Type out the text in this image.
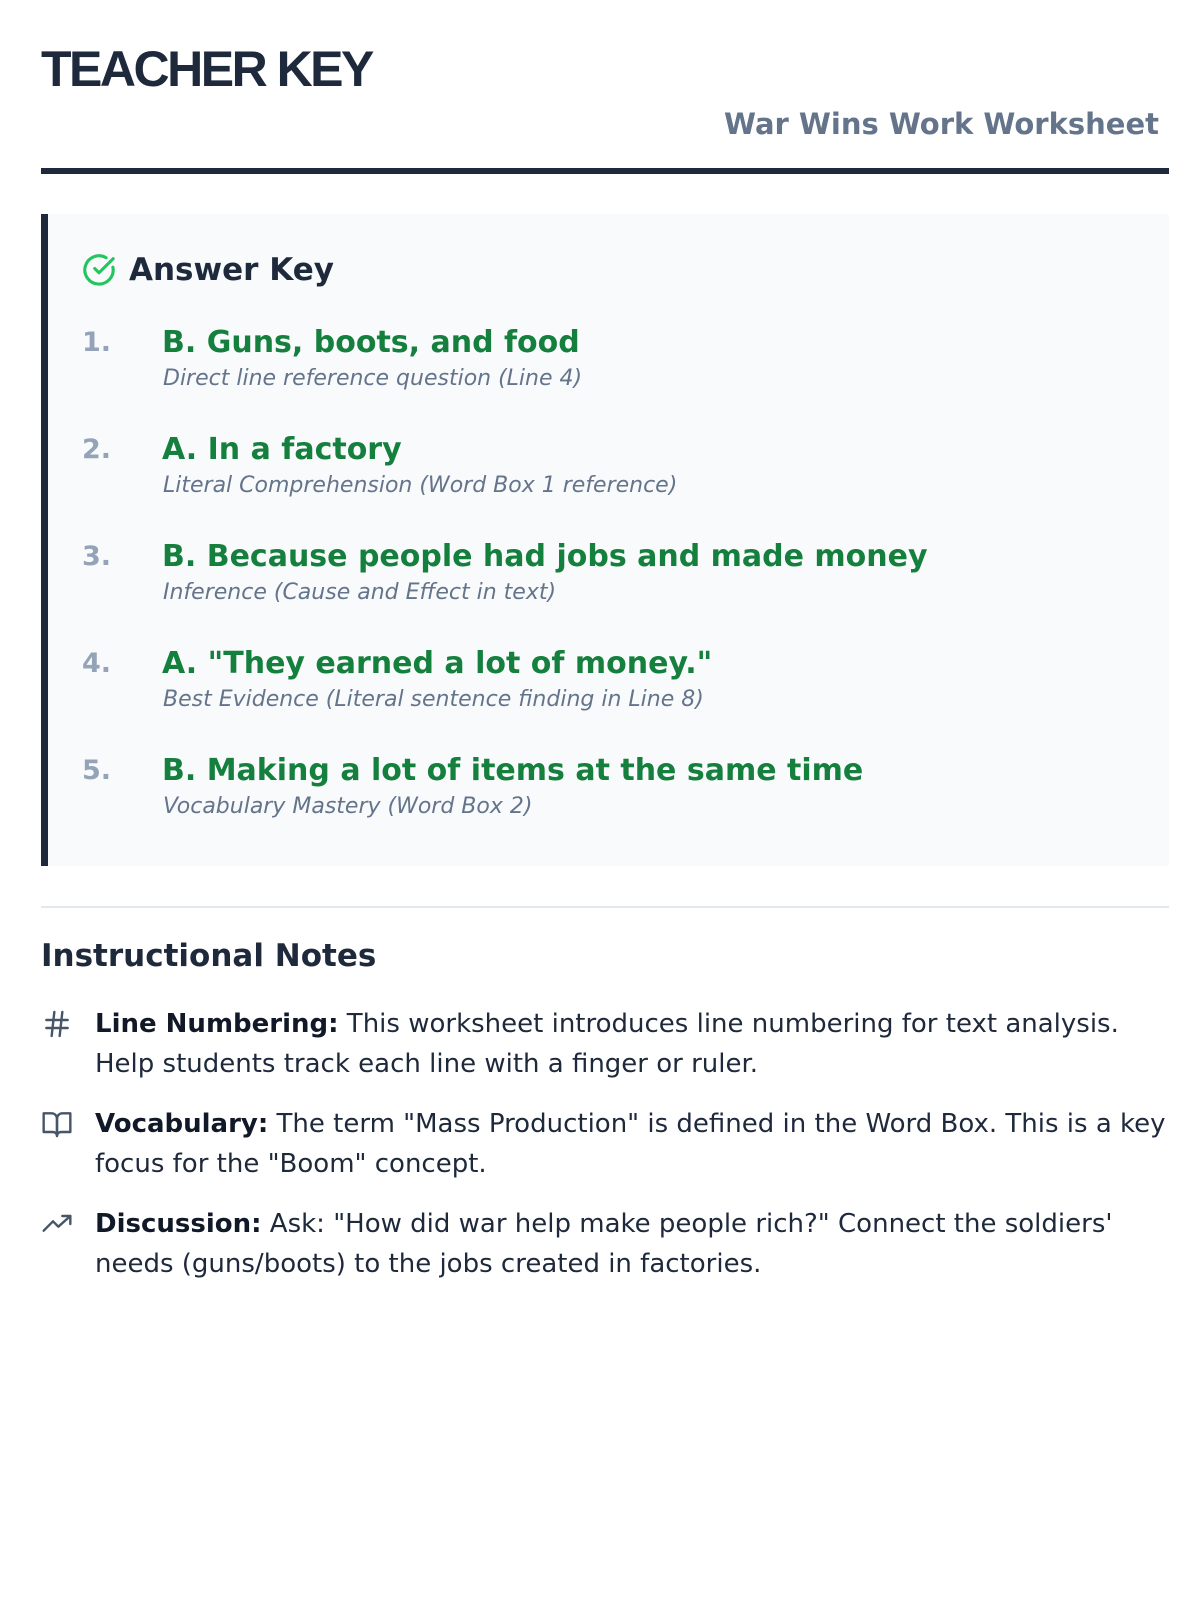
TEACHER KEY
War Wins Work Worksheet
Answer Key
1. B. Guns, boots, and food
Direct line reference question (Line 4)
2. A. In a factory
Literal Comprehension (Word Box 1 reference)
3. B. Because people had jobs and made money
Inference (Cause and Effect in text)
4. A. "They earned a lot of money."
Best Evidence (Literal sentence finding in Line 8)
5. B. Making a lot of items at the same time
Vocabulary Mastery (Word Box 2)
Instructional Notes
Line Numbering: This worksheet introduces line numbering for text analysis. Help students track each line with a finger or ruler.
Vocabulary: The term "Mass Production" is defined in the Word Box. This is a key focus for the "Boom" concept.
Discussion: Ask: "How did war help make people rich?" Connect the soldiers' needs (guns/boots) to the jobs created in factories.
